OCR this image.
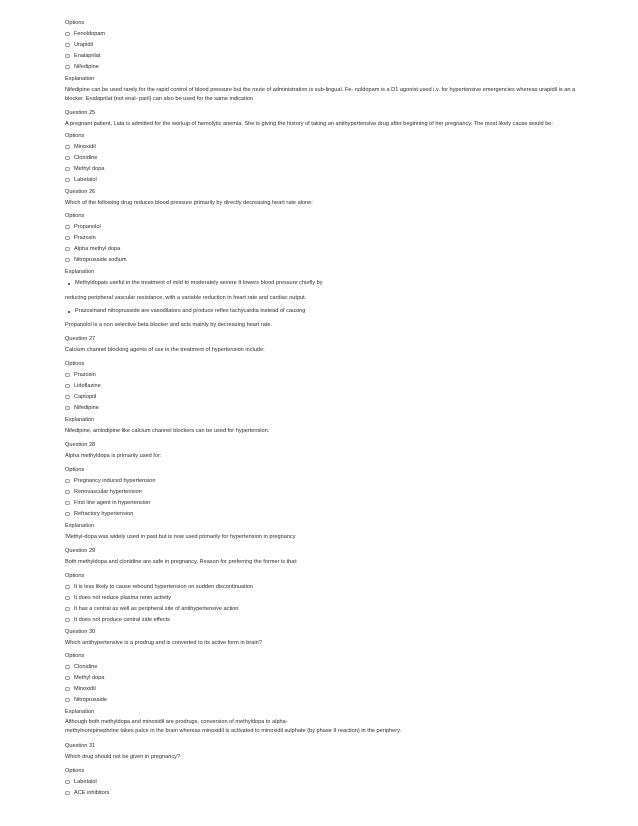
Options
Fenoldopam
Urapidil
Enalaprilat
Nifedipine
Explanation
Nifedipine can be used rarely for the rapid control of blood pressure but the route of administration is sub-lingual. Fe- noldopam is a D1 agonist used i.v. for hypertensive emergencies whereas urapidil is an a
blocker. Enalaprilat (not enal- paril) can also be used for the same indication
Question 25
A pregnant patient, Lata is admitted for the workup of hemolytic anemia. She is giving the history of taking an antihypertensive drug after beginning of her pregnancy. The most likely cause would be:
Options
Minoxidil
Clonidine
Methyl dopa
Labetalol
Question 26
Which of the following drug reduces blood pressure primarily by directly decreasing heart rate alone:
Options
Propanolol
Prazosin
Alpha methyl dopa
Nitroprusside sodium
Explanation
Methyldopais useful in the treatment of mild to moderately severe It lowers blood pressure chiefly by
reducing peripheral vascular resistance, with a variable reduction in heart rate and cardiac output.
Prazosinand nitroprusside are vasodilators and produce reflex tachycardia instead of causing
Propanolol is a non selective beta blocker and acts mainly by decreasing heart rate.
Question 27
Calcium channel blocking agents of use in the treatment of hypertension include:
Options
Prazosin
Lidoflazine
Captopril
Nifedipine
Explanation
Nifedipine, amlodipine like calcium channel blockers can be used for hypertension.
Question 28
Alpha methyldopa is primarily used for:
Options
Pregnancy induced hypertension
Renovascular hypertension
First line agent in hypertension
Refractory hypertension
Explanation
'Methyl-dopa was widely used in past but is now used primarily for hypertension in pregnancy
Question 29
Both methyldopa and clonidine are safe in pregnancy. Reason for preferring the former is that:
Options
It is less likely to cause rebound hypertension on sudden discontinuation
It does not reduce plasma renin activity
It has a central as well as peripheral site of antihypertensive action
It does not produce central side effects
Question 30
Which antihypertensive is a prodrug and is converted to its active form in brain?
Options
Clonidine
Methyl dopa
Minoxidil
Nitroprusside
Explanation
Although both methyldopa and minoxidil are prodrugs, conversion of methyldopa to alpha-
methylnorepinephrine takes palce in the brain whereas minoxidil is activated to minoxidil sulphate (by phase II reaction) in the periphery.
Question 31
Which drug should not be given in pregnancy?
Options
Labetalol
ACE inhibitors
